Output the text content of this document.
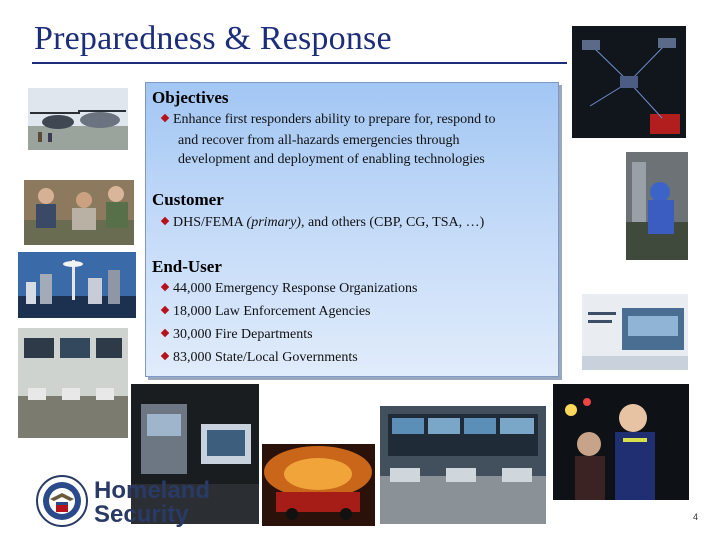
Preparedness & Response
Objectives
Enhance first responders ability to prepare for, respond to
and recover from all-hazards emergencies through
development and deployment of enabling technologies
Customer
DHS/FEMA (primary), and others (CBP, CG, TSA, …)
End-User
44,000 Emergency Response Organizations
18,000 Law Enforcement Agencies
30,000 Fire Departments
83,000 State/Local Governments
Homeland
Security	4
